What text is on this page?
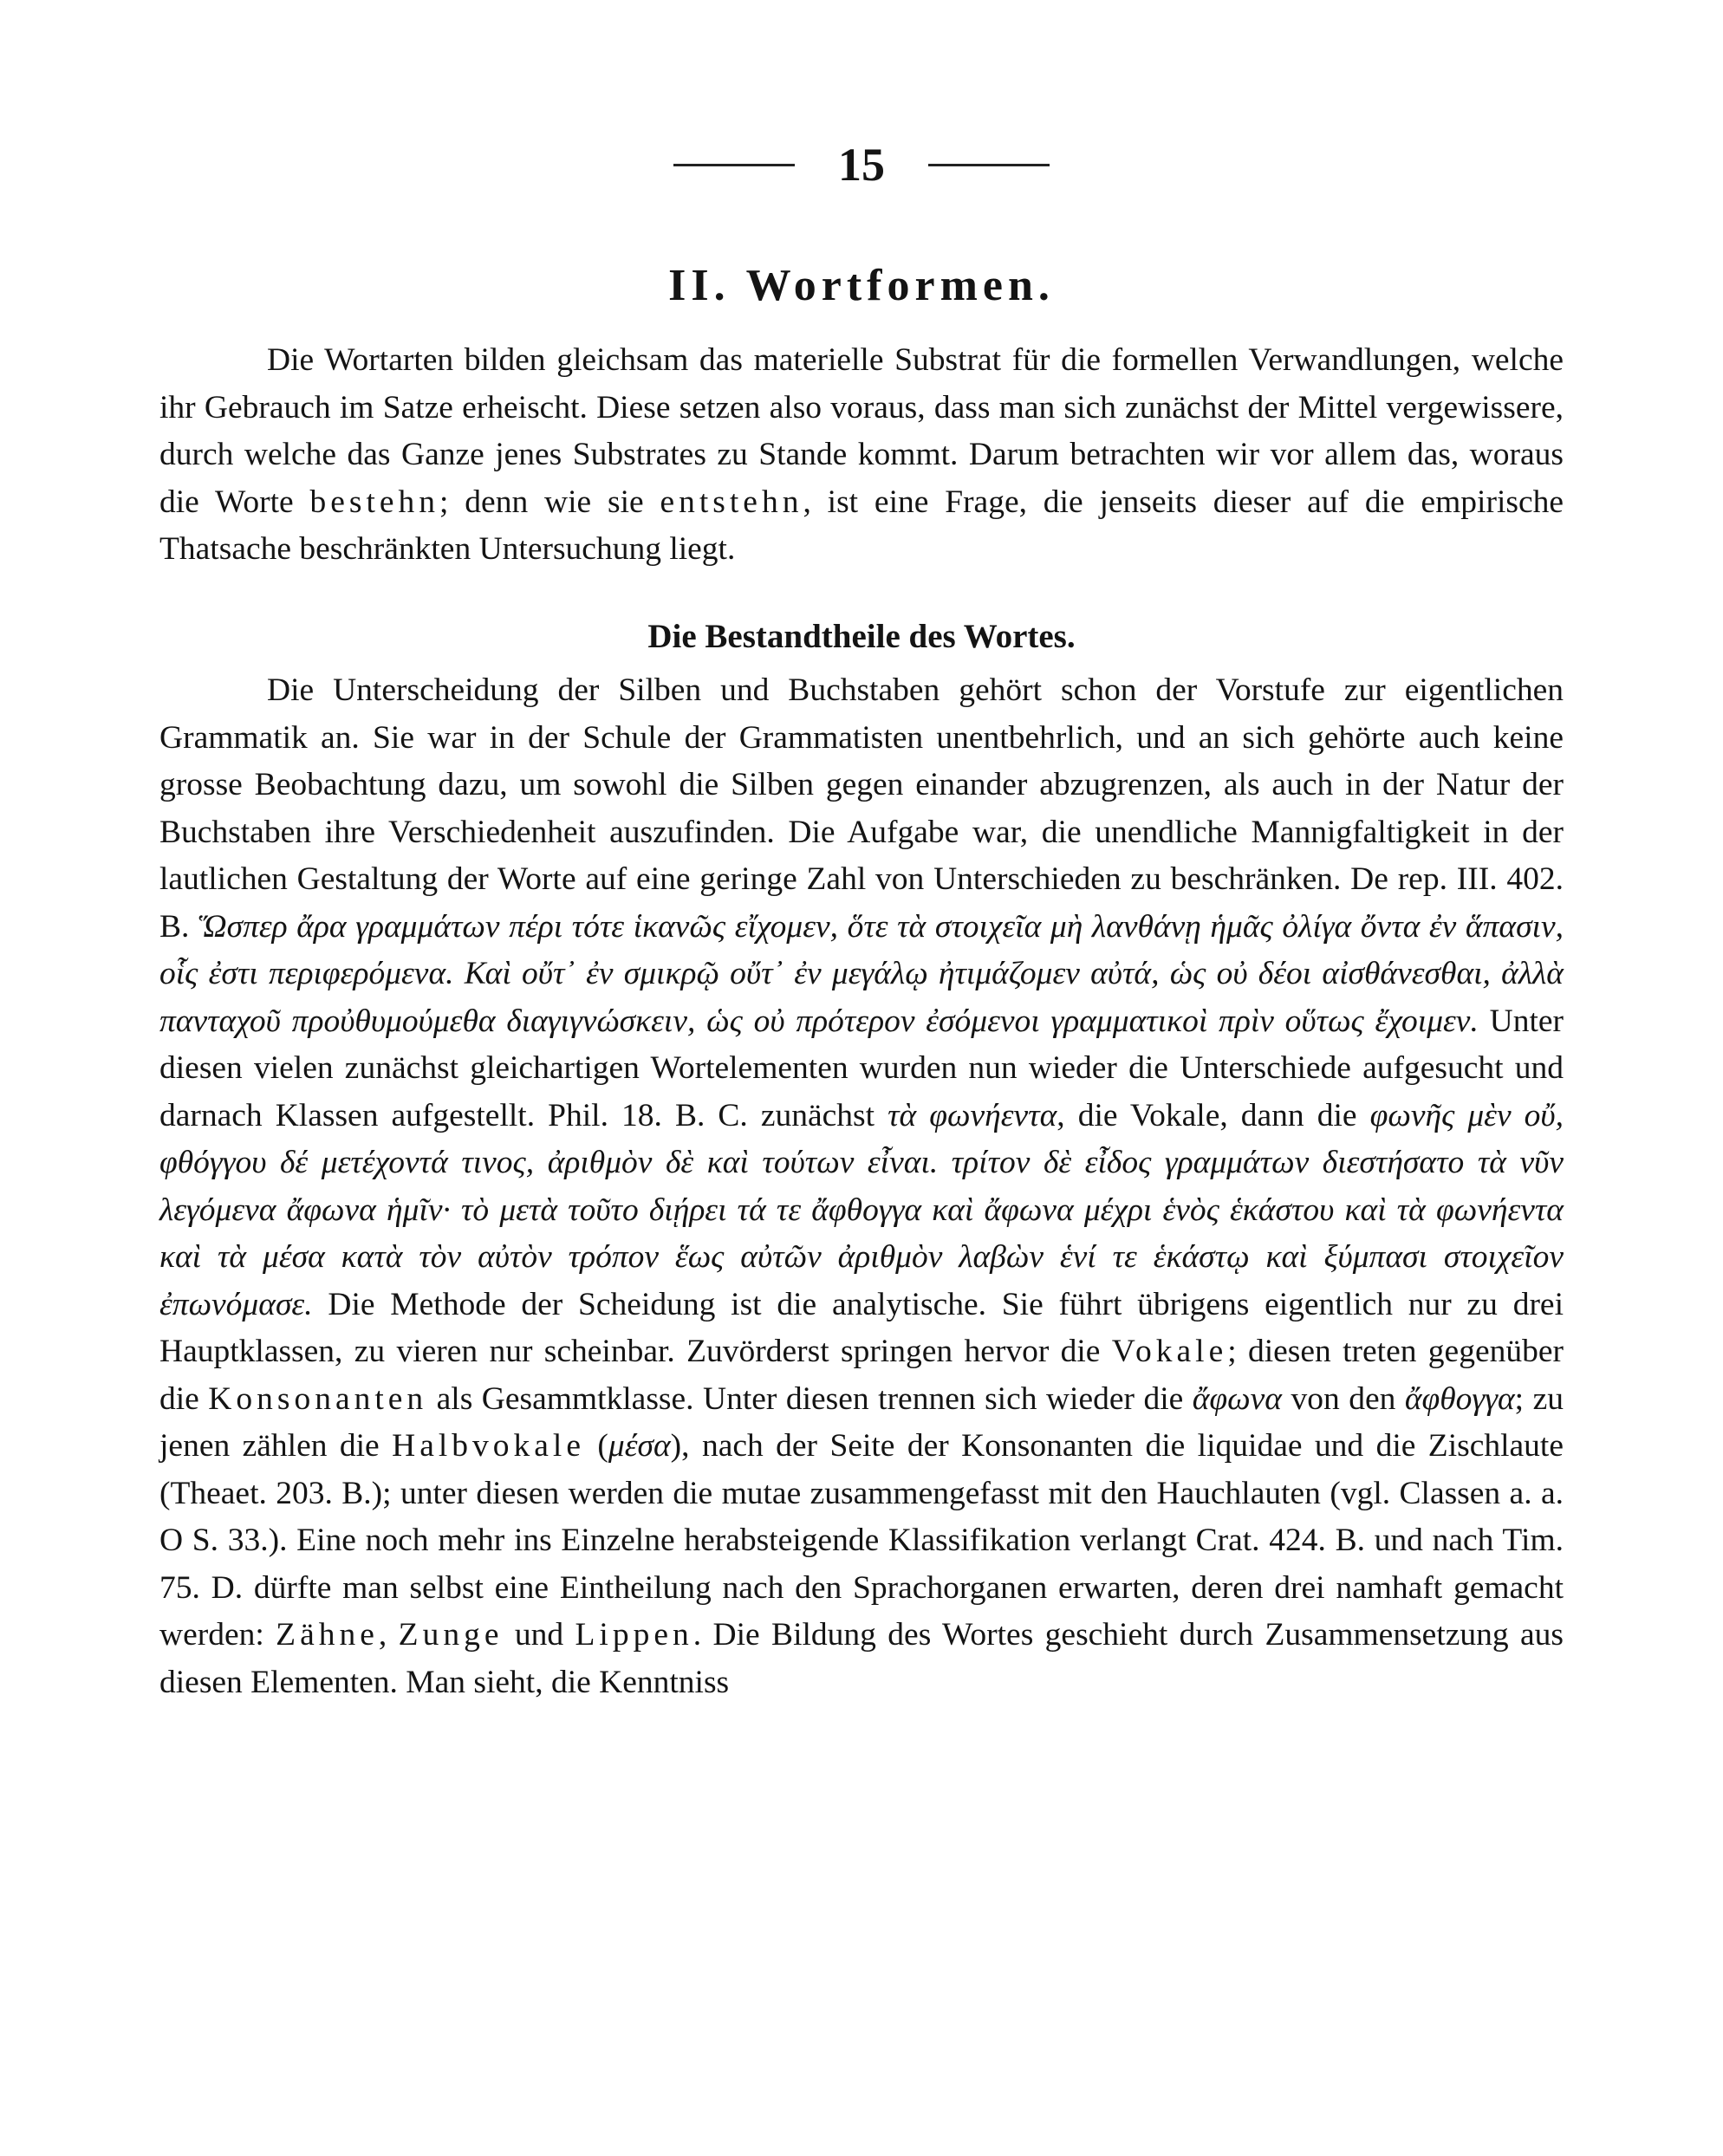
15
II. Wortformen.

Die Wortarten bilden gleichsam das materielle Substrat für die formellen Verwandlungen, welche ihr Gebrauch im Satze erheischt. Diese setzen also voraus, dass man sich zunächst der Mittel vergewissere, durch welche das Ganze jenes Substrates zu Stande kommt. Darum betrachten wir vor allem das, woraus die Worte bestehn; denn wie sie entstehn, ist eine Frage, die jenseits dieser auf die empirische Thatsache beschränkten Untersuchung liegt.

Die Bestandtheile des Wortes.

Die Unterscheidung der Silben und Buchstaben gehört schon der Vorstufe zur eigentlichen Grammatik an. Sie war in der Schule der Grammatisten unentbehrlich, und an sich gehörte auch keine grosse Beobachtung dazu, um sowohl die Silben gegen einander abzugrenzen, als auch in der Natur der Buchstaben ihre Verschiedenheit auszufinden. Die Aufgabe war, die unendliche Mannigfaltigkeit in der lautlichen Gestaltung der Worte auf eine geringe Zahl von Unterschieden zu beschränken. De rep. III. 402. B. Ὥσπερ ἄρα γραμμάτων πέρι τότε ἱκανῶς εἴχομεν, ὅτε τὰ στοιχεῖα μὴ λανθάνῃ ἡμᾶς ὀλίγα ὄντα ἐν ἅπασιν, οἷς ἐστι περιφερόμενα. Καὶ οὔτ᾿ ἐν σμικρῷ οὔτ᾿ ἐν μεγάλῳ ἠτιμάζομεν αὐτά, ὡς οὐ δέοι αἰσθάνεσθαι, ἀλλὰ πανταχοῦ προὐθυμούμεθα διαγιγνώσκειν, ὡς οὐ πρότερον ἐσόμενοι γραμματικοὶ πρὶν οὕτως ἔχοιμεν. Unter diesen vielen zunächst gleichartigen Wortelementen wurden nun wieder die Unterschiede aufgesucht und darnach Klassen aufgestellt. Phil. 18. B. C. zunächst τὰ φωνήεντα, die Vokale, dann die φωνῆς μὲν οὔ, φθόγγου δέ μετέχοντά τινος, ἀριθμὸν δὲ καὶ τούτων εἶναι. τρίτον δὲ εἶδος γραμμάτων διεστήσατο τὰ νῦν λεγόμενα ἄφωνα ἡμῖν· τὸ μετὰ τοῦτο διῄρει τά τε ἄφθογγα καὶ ἄφωνα μέχρι ἑνὸς ἑκάστου καὶ τὰ φωνήεντα καὶ τὰ μέσα κατὰ τὸν αὐτὸν τρόπον ἕως αὐτῶν ἀριθμὸν λαβὼν ἑνί τε ἑκάστῳ καὶ ξύμπασι στοιχεῖον ἐπωνόμασε. Die Methode der Scheidung ist die analytische. Sie führt übrigens eigentlich nur zu drei Hauptklassen, zu vieren nur scheinbar. Zuvörderst springen hervor die Vokale; diesen treten gegenüber die Konsonanten als Gesammtklasse. Unter diesen trennen sich wieder die ἄφωνα von den ἄφθογγα; zu jenen zählen die Halbvokale (μέσα), nach der Seite der Konsonanten die liquidae und die Zischlaute (Theaet. 203. B.); unter diesen werden die mutae zusammengefasst mit den Hauchlauten (vgl. Classen a. a. O S. 33.). Eine noch mehr ins Einzelne herabsteigende Klassifikation verlangt Crat. 424. B. und nach Tim. 75. D. dürfte man selbst eine Eintheilung nach den Sprachorganen erwarten, deren drei namhaft gemacht werden: Zähne, Zunge und Lippen. Die Bildung des Wortes geschieht durch Zusammensetzung aus diesen Elementen. Man sieht, die Kenntniss
